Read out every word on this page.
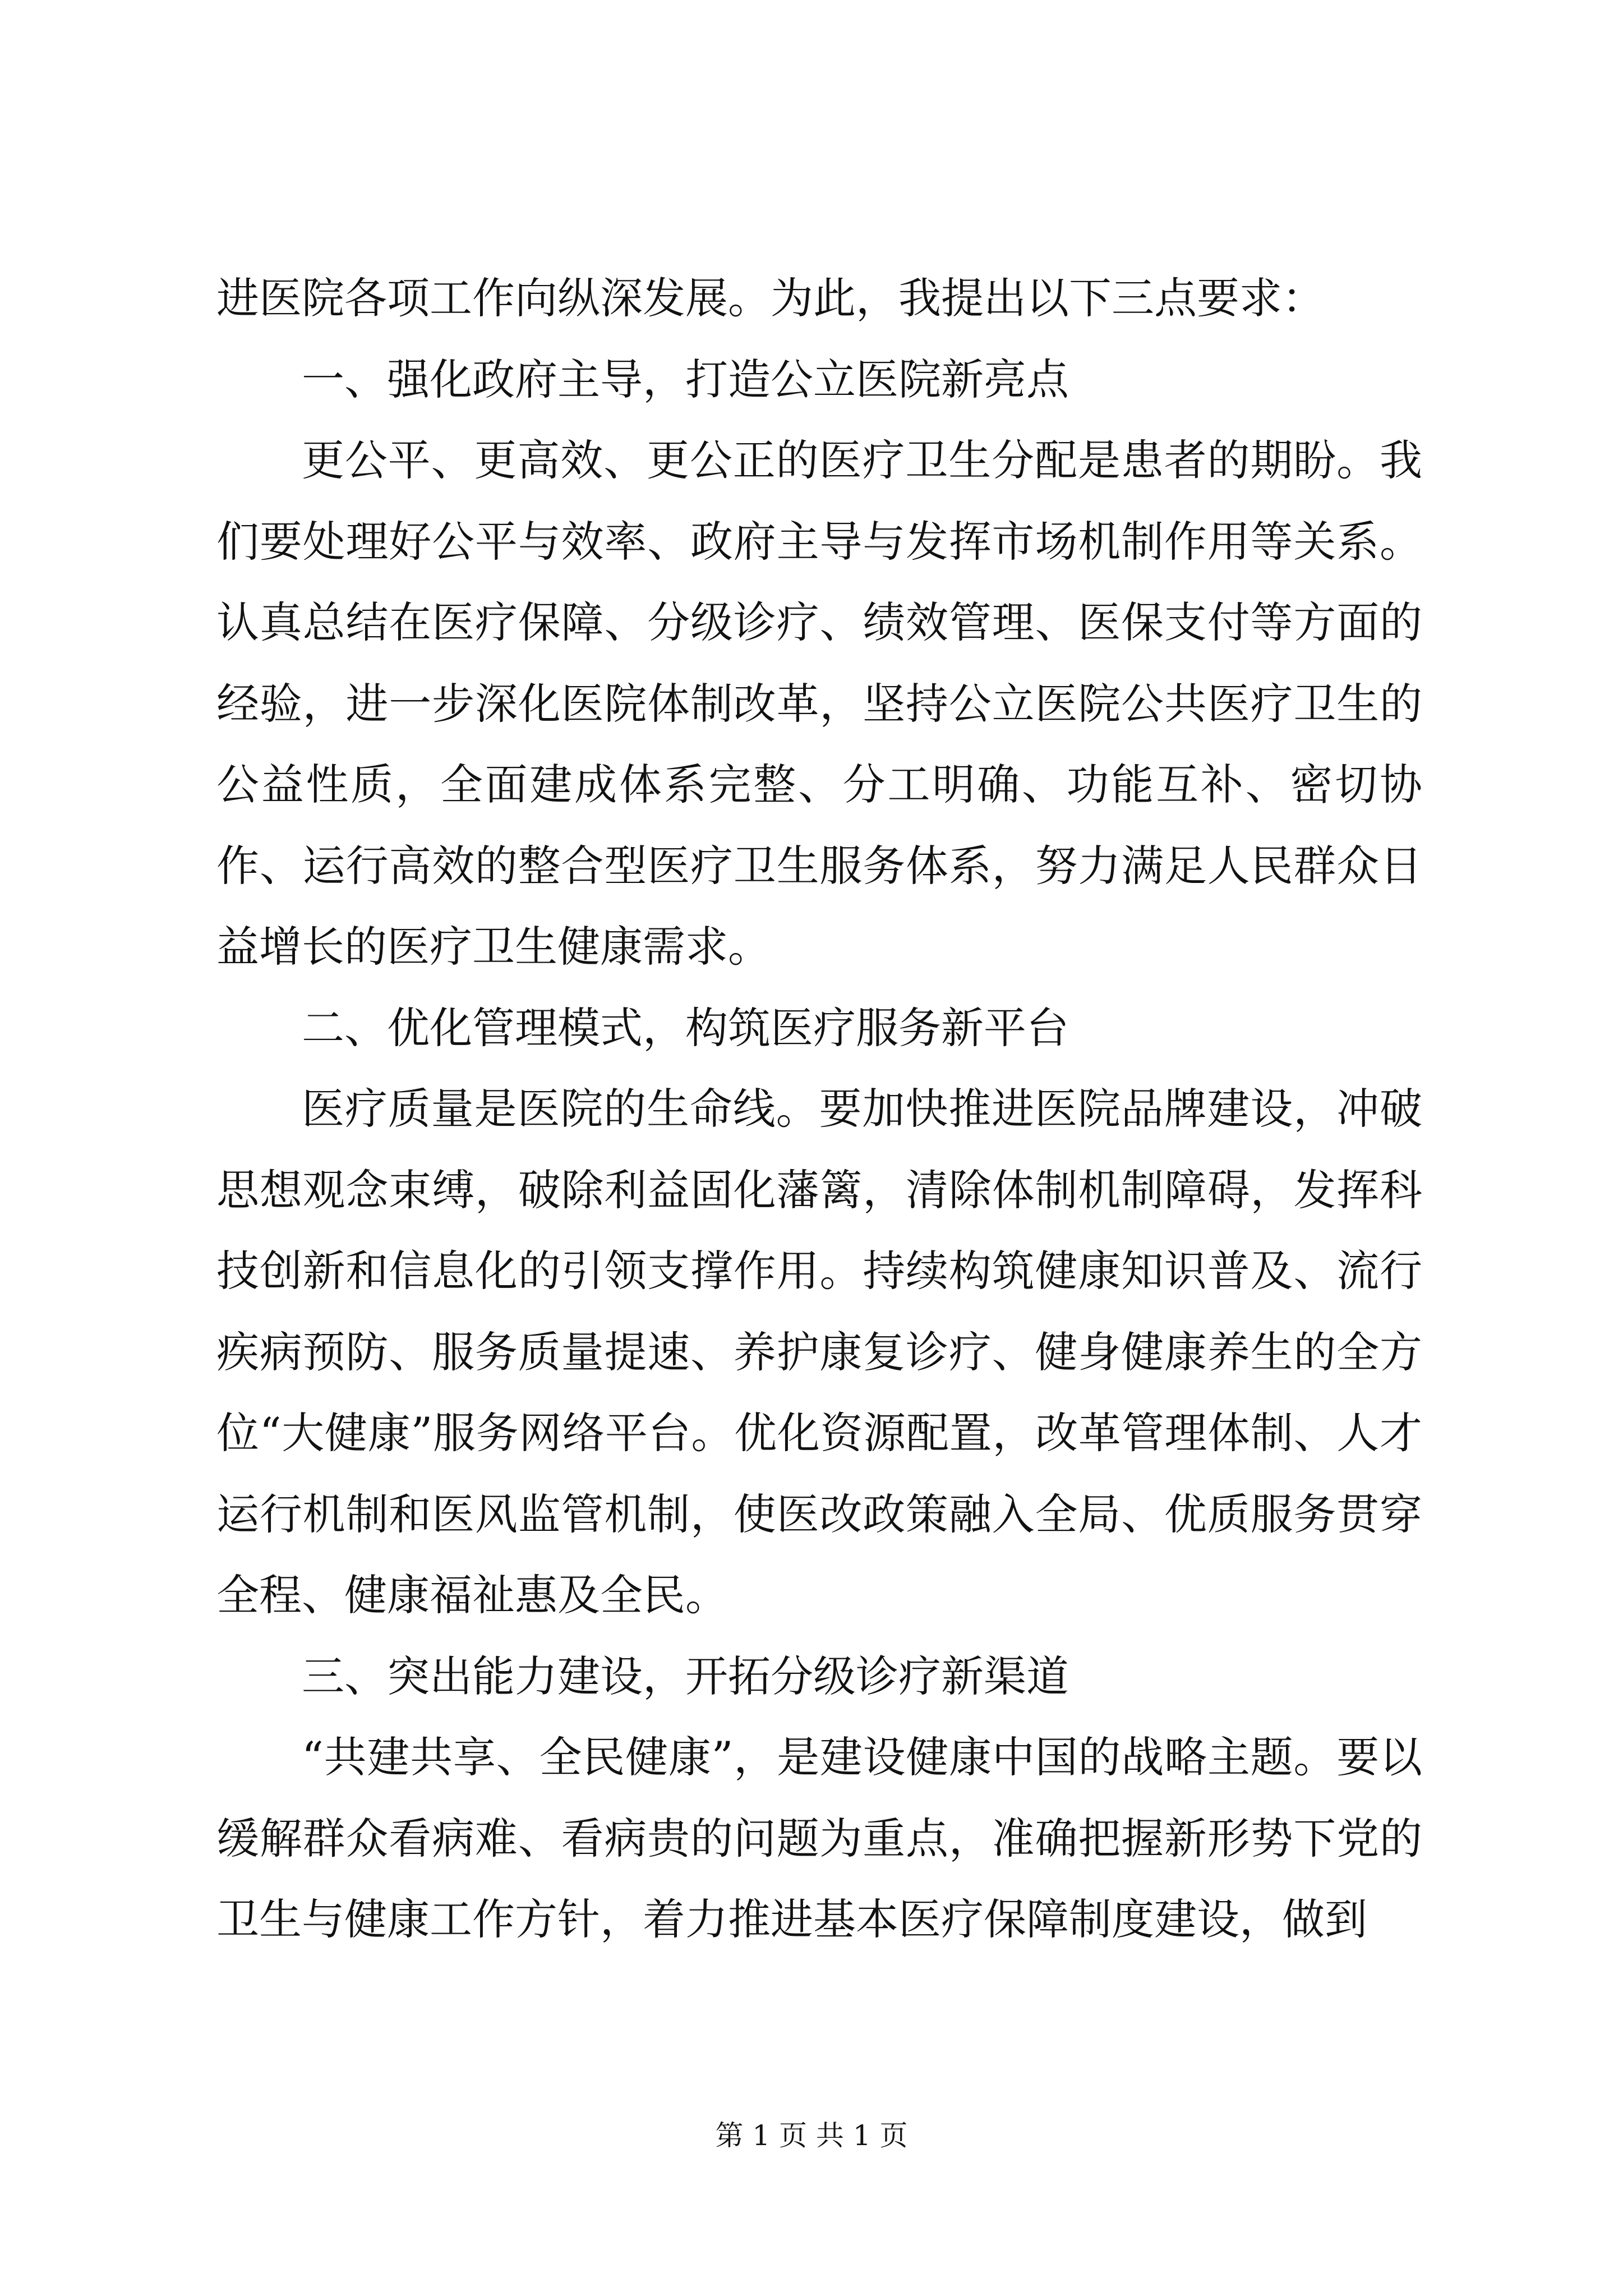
进医院各项工作向纵深发展。为此，我提出以下三点要求：

一、强化政府主导，打造公立医院新亮点

更公平、更高效、更公正的医疗卫生分配是患者的期盼。我们要处理好公平与效率、政府主导与发挥市场机制作用等关系。认真总结在医疗保障、分级诊疗、绩效管理、医保支付等方面的经验，进一步深化医院体制改革，坚持公立医院公共医疗卫生的公益性质，全面建成体系完整、分工明确、功能互补、密切协作、运行高效的整合型医疗卫生服务体系，努力满足人民群众日益增长的医疗卫生健康需求。

二、优化管理模式，构筑医疗服务新平台

医疗质量是医院的生命线。要加快推进医院品牌建设，冲破思想观念束缚，破除利益固化藩篱，清除体制机制障碍，发挥科技创新和信息化的引领支撑作用。持续构筑健康知识普及、流行疾病预防、服务质量提速、养护康复诊疗、健身健康养生的全方位“大健康”服务网络平台。优化资源配置，改革管理体制、人才运行机制和医风监管机制，使医改政策融入全局、优质服务贯穿全程、健康福祉惠及全民。

三、突出能力建设，开拓分级诊疗新渠道

“共建共享、全民健康”，是建设健康中国的战略主题。要以缓解群众看病难、看病贵的问题为重点，准确把握新形势下党的卫生与健康工作方针，着力推进基本医疗保障制度建设，做到

第 1 页 共 1 页
